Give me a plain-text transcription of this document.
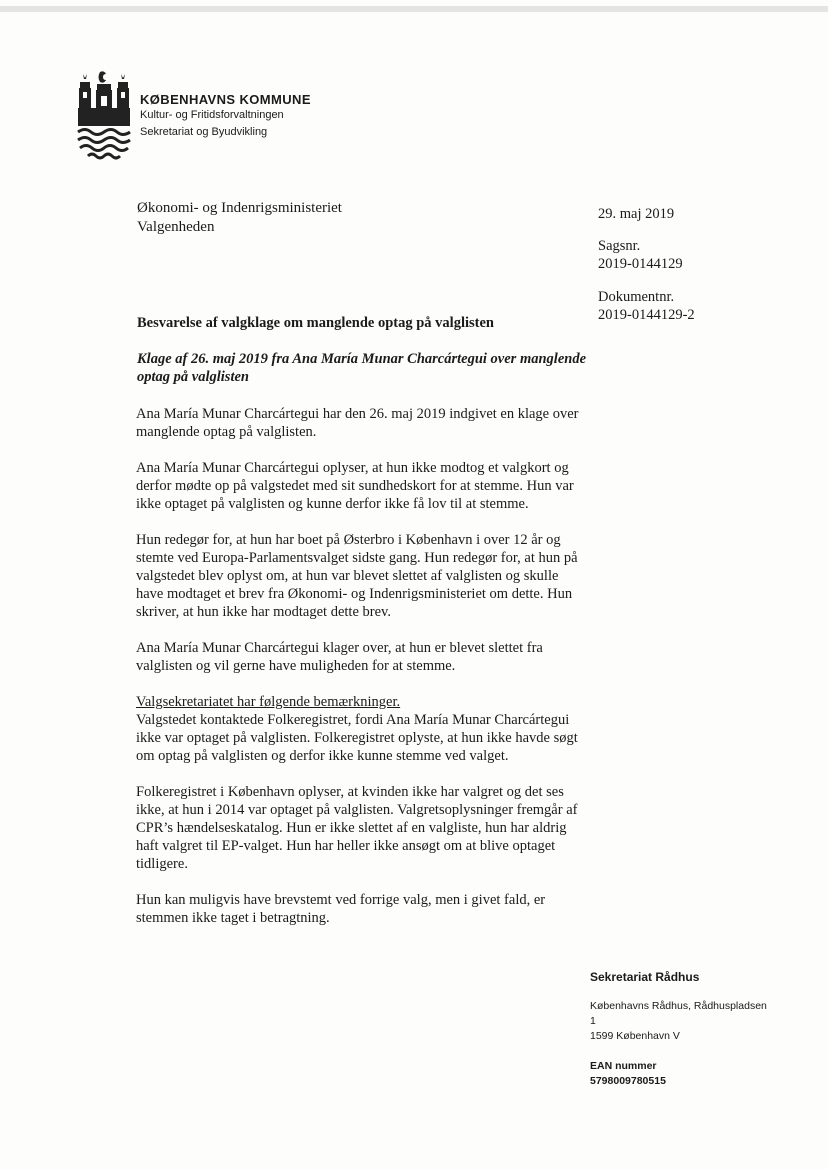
KØBENHAVNS KOMMUNE
Kultur- og Fritidsforvaltningen
Sekretariat og Byudvikling
Økonomi- og Indenrigsministeriet
Valgenheden
29. maj 2019
Sagsnr.
2019-0144129
Dokumentnr.
2019-0144129-2
Besvarelse af valgklage om manglende optag på valglisten
Klage af 26. maj 2019 fra Ana María Munar Charcártegui over manglende optag på valglisten

Ana María Munar Charcártegui har den 26. maj 2019 indgivet en klage over manglende optag på valglisten.

Ana María Munar Charcártegui oplyser, at hun ikke modtog et valgkort og derfor mødte op på valgstedet med sit sundhedskort for at stemme. Hun var ikke optaget på valglisten og kunne derfor ikke få lov til at stemme.

Hun redegør for, at hun har boet på Østerbro i København i over 12 år og stemte ved Europa-Parlamentsvalget sidste gang. Hun redegør for, at hun på valgstedet blev oplyst om, at hun var blevet slettet af valglisten og skulle have modtaget et brev fra Økonomi- og Indenrigsministeriet om dette. Hun skriver, at hun ikke har modtaget dette brev.

Ana María Munar Charcártegui klager over, at hun er blevet slettet fra valglisten og vil gerne have muligheden for at stemme.

Valgsekretariatet har følgende bemærkninger.

Valgstedet kontaktede Folkeregistret, fordi Ana María Munar Charcártegui ikke var optaget på valglisten. Folkeregistret oplyste, at hun ikke havde søgt om optag på valglisten og derfor ikke kunne stemme ved valget.

Folkeregistret i København oplyser, at kvinden ikke har valgret og det ses ikke, at hun i 2014 var optaget på valglisten. Valgretsoplysninger fremgår af CPR’s hændelseskatalog. Hun er ikke slettet af en valgliste, hun har aldrig haft valgret til EP-valget. Hun har heller ikke ansøgt om at blive optaget tidligere.

Hun kan muligvis have brevstemt ved forrige valg, men i givet fald, er stemmen ikke taget i betragtning.

Sekretariat Rådhus
Københavns Rådhus, Rådhuspladsen
1
1599 København V
EAN nummer
5798009780515
